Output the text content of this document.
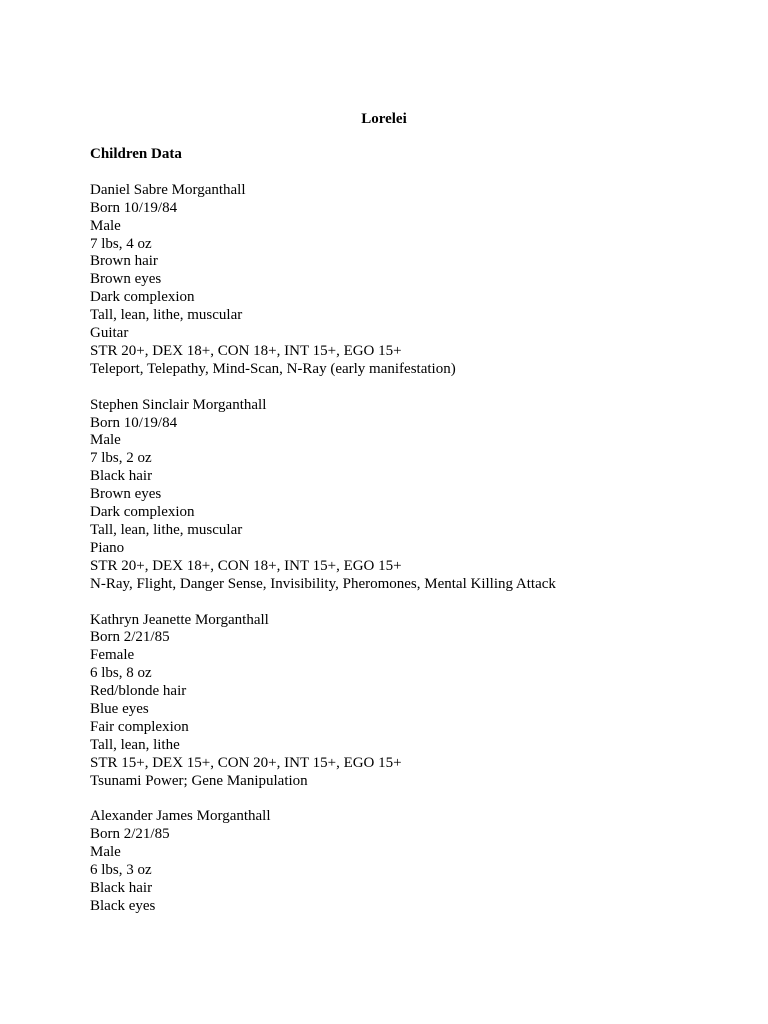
Lorelei

Children Data

Daniel Sabre Morganthall
Born 10/19/84
Male
7 lbs, 4 oz
Brown hair
Brown eyes
Dark complexion
Tall, lean, lithe, muscular
Guitar
STR 20+, DEX 18+, CON 18+, INT 15+, EGO 15+
Teleport, Telepathy, Mind-Scan, N-Ray (early manifestation)
Stephen Sinclair Morganthall
Born 10/19/84
Male
7 lbs, 2 oz
Black hair
Brown eyes
Dark complexion
Tall, lean, lithe, muscular
Piano
STR 20+, DEX 18+, CON 18+, INT 15+, EGO 15+
N-Ray, Flight, Danger Sense, Invisibility, Pheromones, Mental Killing Attack
Kathryn Jeanette Morganthall
Born 2/21/85
Female
6 lbs, 8 oz
Red/blonde hair
Blue eyes
Fair complexion
Tall, lean, lithe
STR 15+, DEX 15+, CON 20+, INT 15+, EGO 15+
Tsunami Power; Gene Manipulation
Alexander James Morganthall
Born 2/21/85
Male
6 lbs, 3 oz
Black hair
Black eyes
